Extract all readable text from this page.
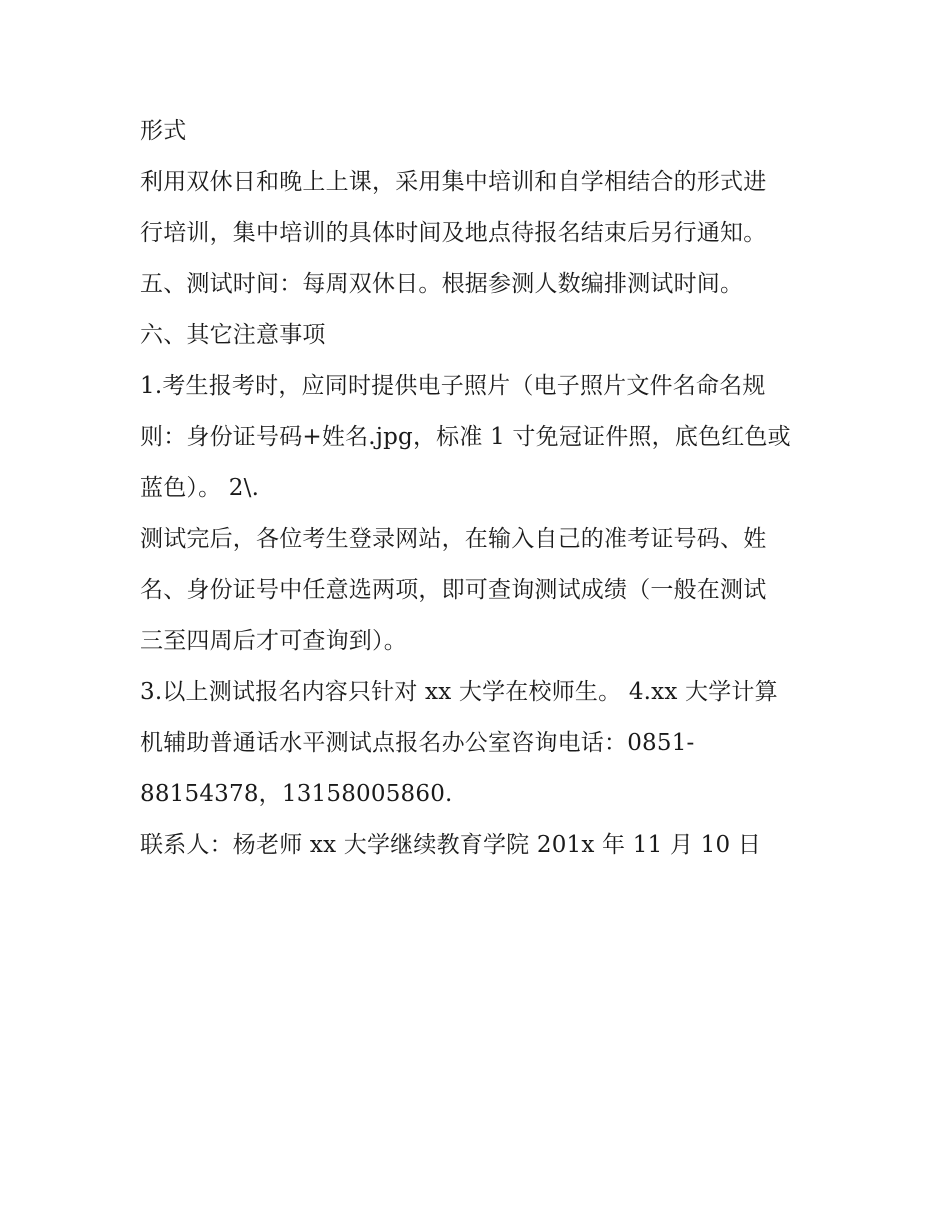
形式
利用双休日和晚上上课，采用集中培训和自学相结合的形式进
行培训，集中培训的具体时间及地点待报名结束后另行通知。
五、测试时间：每周双休日。根据参测人数编排测试时间。
六、其它注意事项
1.考生报考时，应同时提供电子照片（电子照片文件名命名规
则：身份证号码+姓名.jpg，标准 1 寸免冠证件照，底色红色或
蓝色）。 2\.
测试完后，各位考生登录网站，在输入自己的准考证号码、姓
名、身份证号中任意选两项，即可查询测试成绩（一般在测试
三至四周后才可查询到）。
3.以上测试报名内容只针对 xx 大学在校师生。 4.xx 大学计算
机辅助普通话水平测试点报名办公室咨询电话：0851-
88154378，13158005860.
联系人：杨老师 xx 大学继续教育学院 201x 年 11 月 10 日
